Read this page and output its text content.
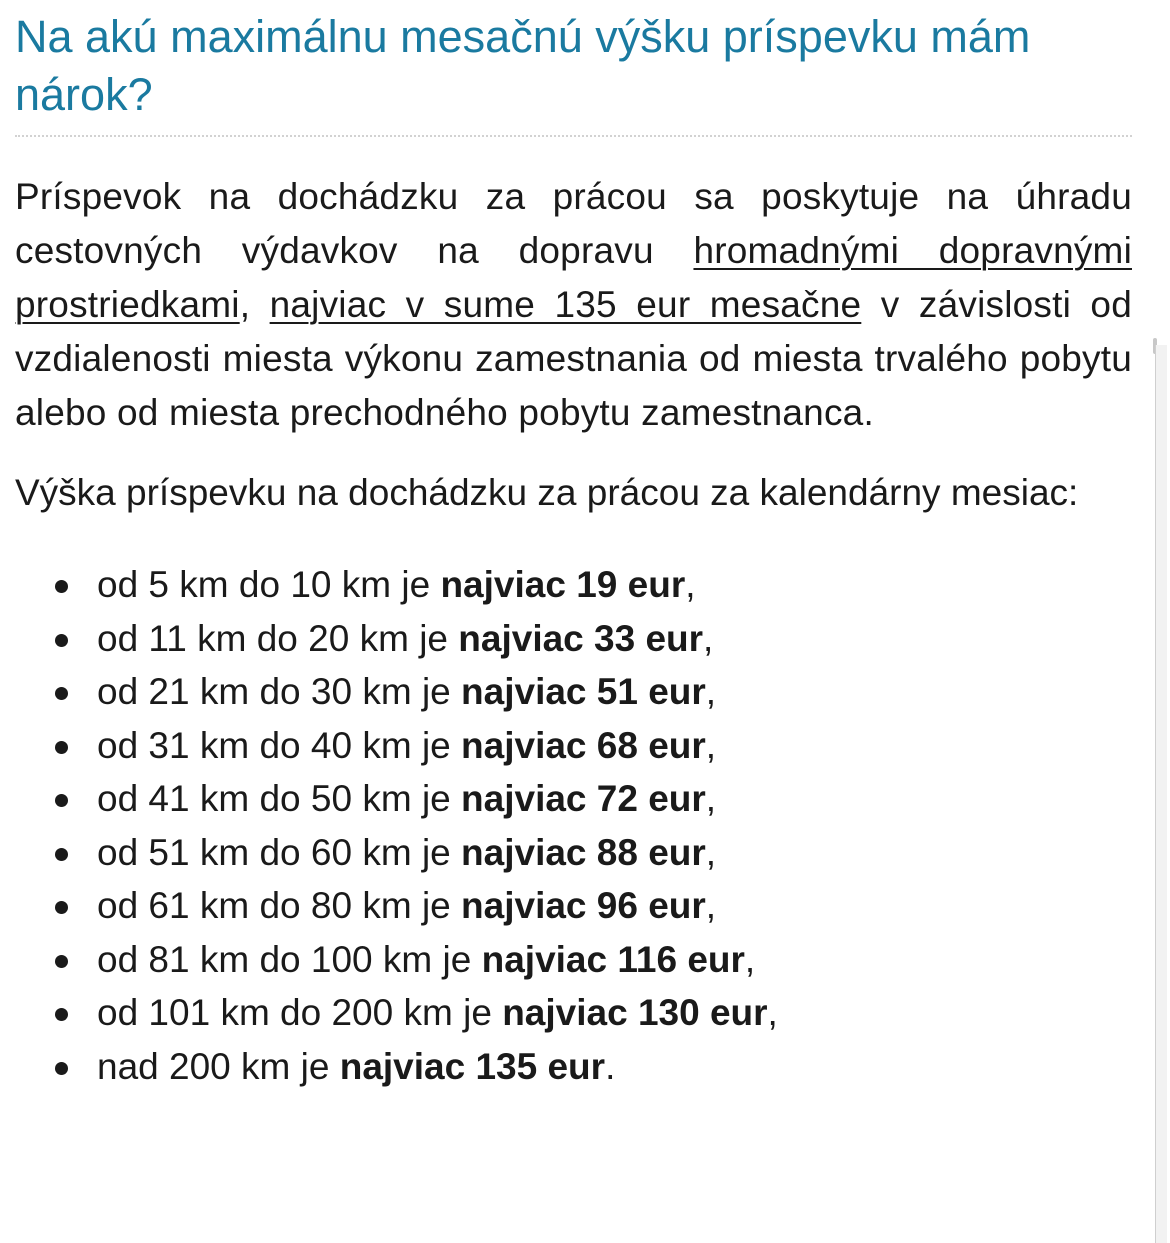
Na akú maximálnu mesačnú výšku príspevku mám nárok?

Príspevok na dochádzku za prácou sa poskytuje na úhradu cestovných výdavkov na dopravu hromadnými dopravnými prostriedkami, najviac v sume 135 eur mesačne v závislosti od vzdialenosti miesta výkonu zamestnania od miesta trvalého pobytu alebo od miesta prechodného pobytu zamestnanca.

Výška príspevku na dochádzku za prácou za kalendárny mesiac:

od 5 km do 10 km je najviac 19 eur,
od 11 km do 20 km je najviac 33 eur,
od 21 km do 30 km je najviac 51 eur,
od 31 km do 40 km je najviac 68 eur,
od 41 km do 50 km je najviac 72 eur,
od 51 km do 60 km je najviac 88 eur,
od 61 km do 80 km je najviac 96 eur,
od 81 km do 100 km je najviac 116 eur,
od 101 km do 200 km je najviac 130 eur,
nad 200 km je najviac 135 eur.
